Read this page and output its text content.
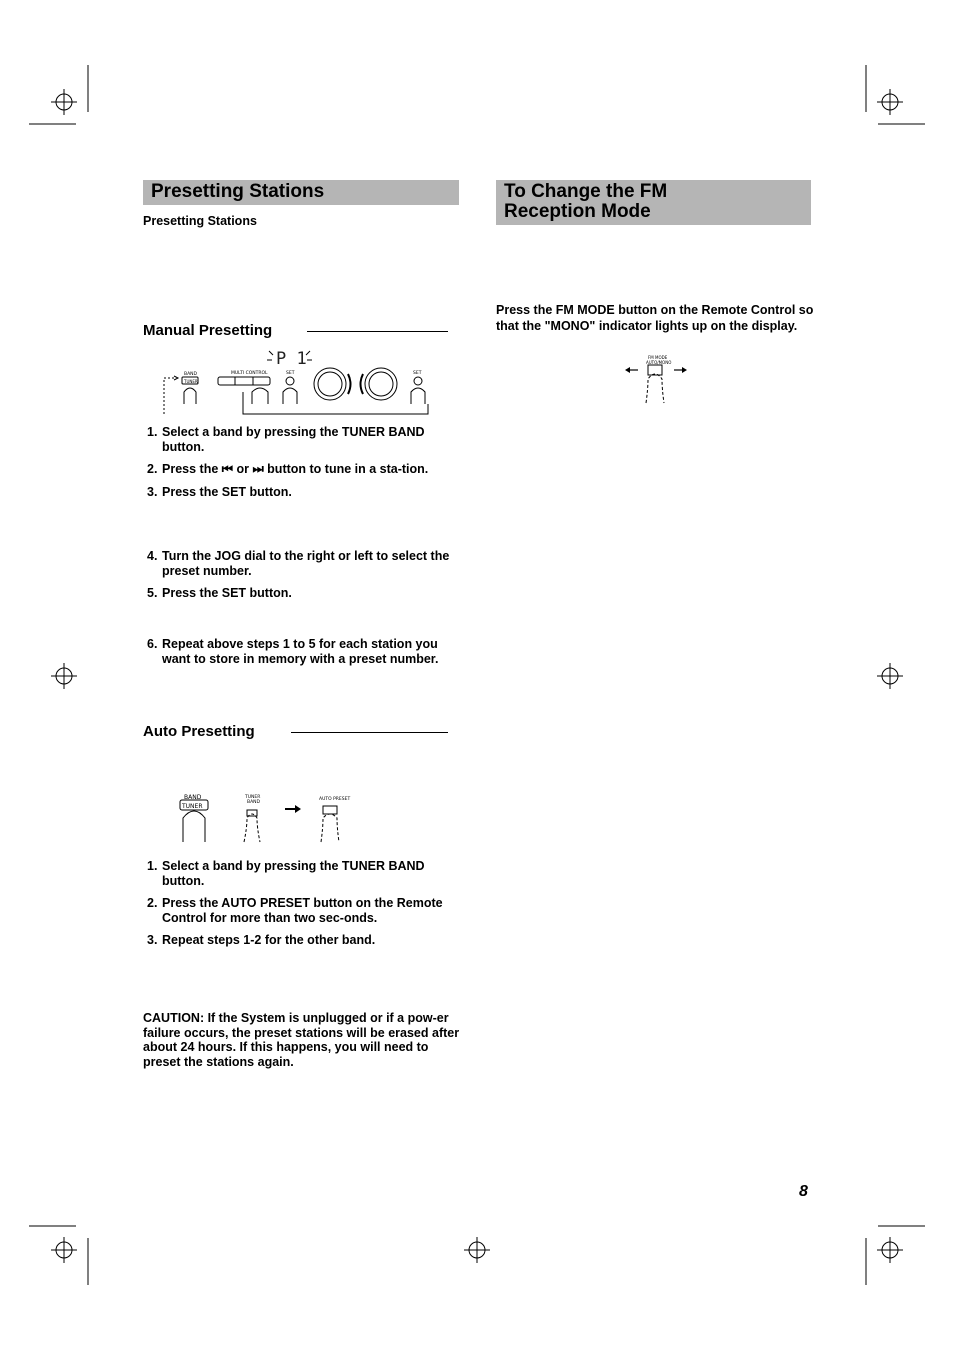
Presetting Stations
Presetting Stations
Manual Presetting
BAND
TUNER
MULTI CONTROL	SET	SET
P 1
1. Select a band by pressing the TUNER BAND button.
2. Press the ⏮ or ⏭ button to tune in a sta-tion.
3. Press the SET button.
4. Turn the JOG dial to the right or left to select the preset number.
5. Press the SET button.
6. Repeat above steps 1 to 5 for each station you want to store in memory with a preset number.
Auto Presetting
BAND
TUNER
TUNER
BAND
AUTO PRESET
1. Select a band by pressing the TUNER BAND button.
2. Press the AUTO PRESET button on the Remote Control for more than two sec-onds.
3. Repeat steps 1-2 for the other band.
CAUTION: If the System is unplugged or if a pow-er failure occurs, the preset stations will be erased after about 24 hours. If this happens, you will need to preset the stations again.
To Change the FM
Reception Mode
Press the FM MODE button on the Remote Control so that the "MONO" indicator lights up on the display.
FM MODE
AUTO/MONO
8
